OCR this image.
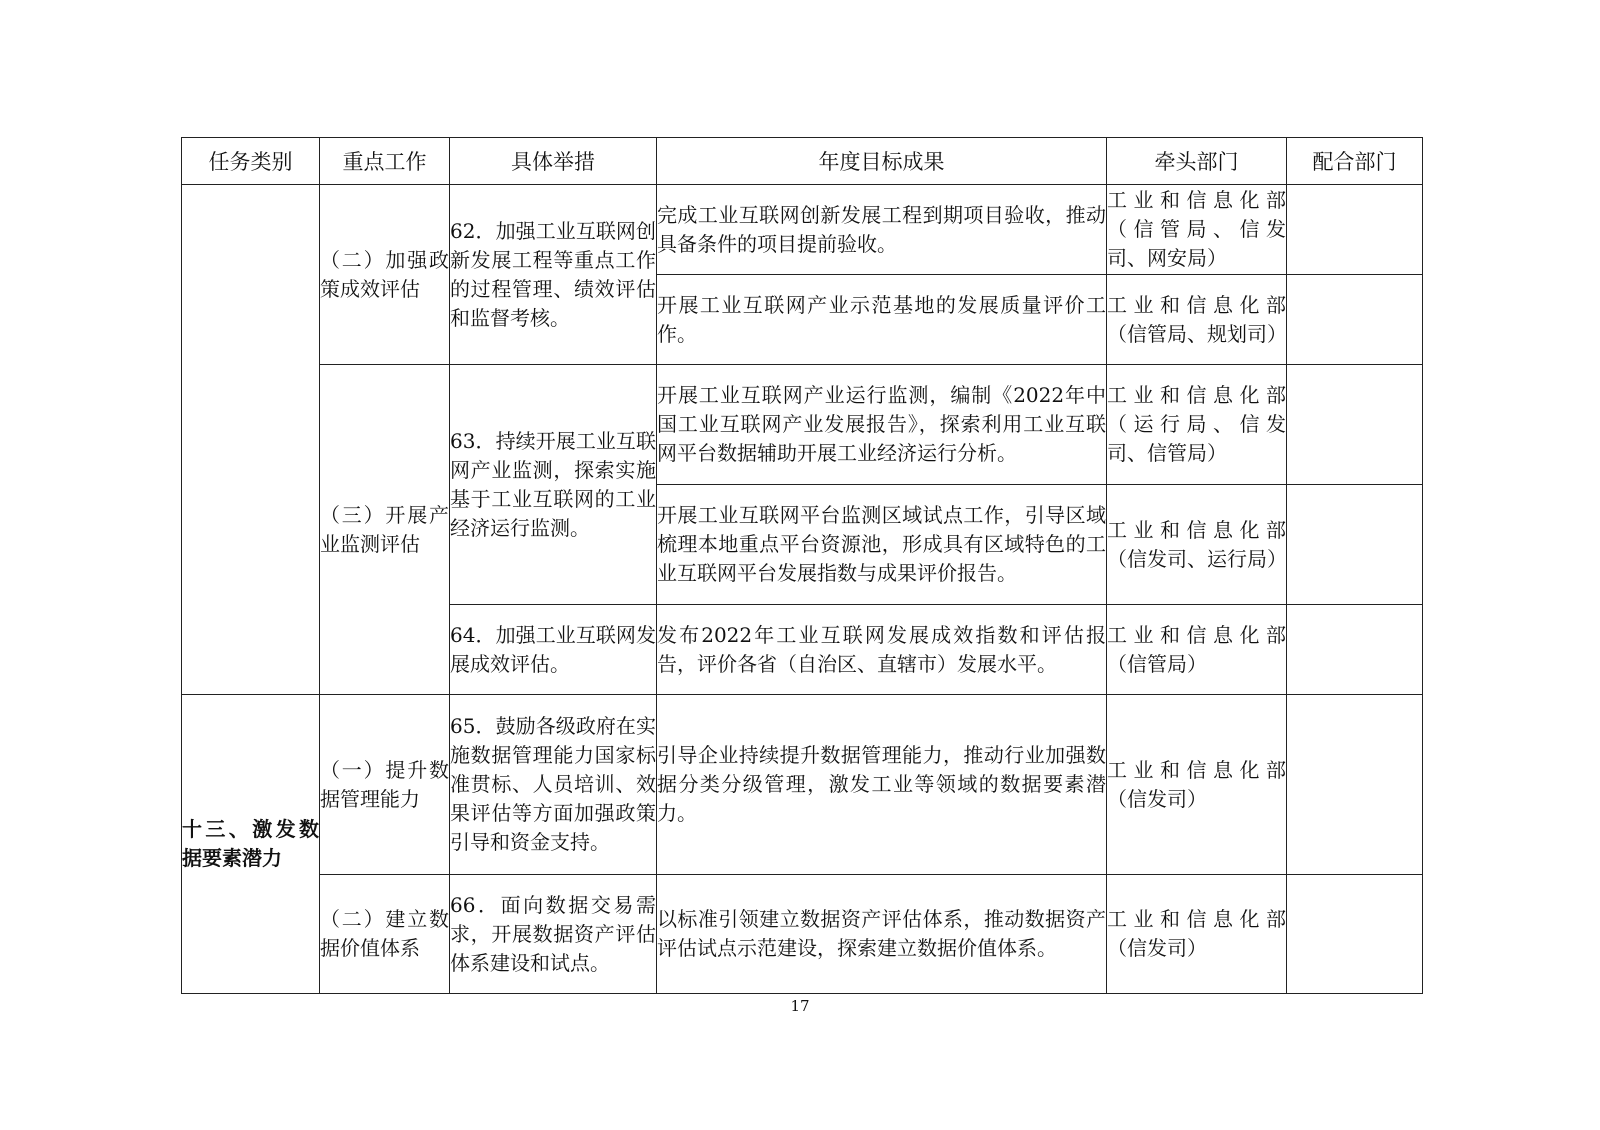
任务类别	重点工作	具体举措	年度目标成果	牵头部门	配合部门
	（二）加强政策成效评估	62．加强工业互联网创新发展工程等重点工作的过程管理、绩效评估和监督考核。	完成工业互联网创新发展工程到期项目验收，推动具备条件的项目提前验收。	工业和信息化部（信管局、信发司、网安局）	
			开展工业互联网产业示范基地的发展质量评价工作。	工业和信息化部（信管局、规划司）	
	（三）开展产业监测评估	63．持续开展工业互联网产业监测，探索实施基于工业互联网的工业经济运行监测。	开展工业互联网产业运行监测，编制《2022年中国工业互联网产业发展报告》，探索利用工业互联网平台数据辅助开展工业经济运行分析。	工业和信息化部（运行局、信发司、信管局）	
			开展工业互联网平台监测区域试点工作，引导区域梳理本地重点平台资源池，形成具有区域特色的工业互联网平台发展指数与成果评价报告。	工业和信息化部（信发司、运行局）	
		64．加强工业互联网发展成效评估。	发布2022年工业互联网发展成效指数和评估报告，评价各省（自治区、直辖市）发展水平。	工业和信息化部（信管局）	
十三、激发数据要素潜力	（一）提升数据管理能力	65．鼓励各级政府在实施数据管理能力国家标准贯标、人员培训、效果评估等方面加强政策引导和资金支持。	引导企业持续提升数据管理能力，推动行业加强数据分类分级管理，激发工业等领域的数据要素潜力。	工业和信息化部（信发司）	
	（二）建立数据价值体系	66．面向数据交易需求，开展数据资产评估体系建设和试点。	以标准引领建立数据资产评估体系，推动数据资产评估试点示范建设，探索建立数据价值体系。	工业和信息化部（信发司）	
17
